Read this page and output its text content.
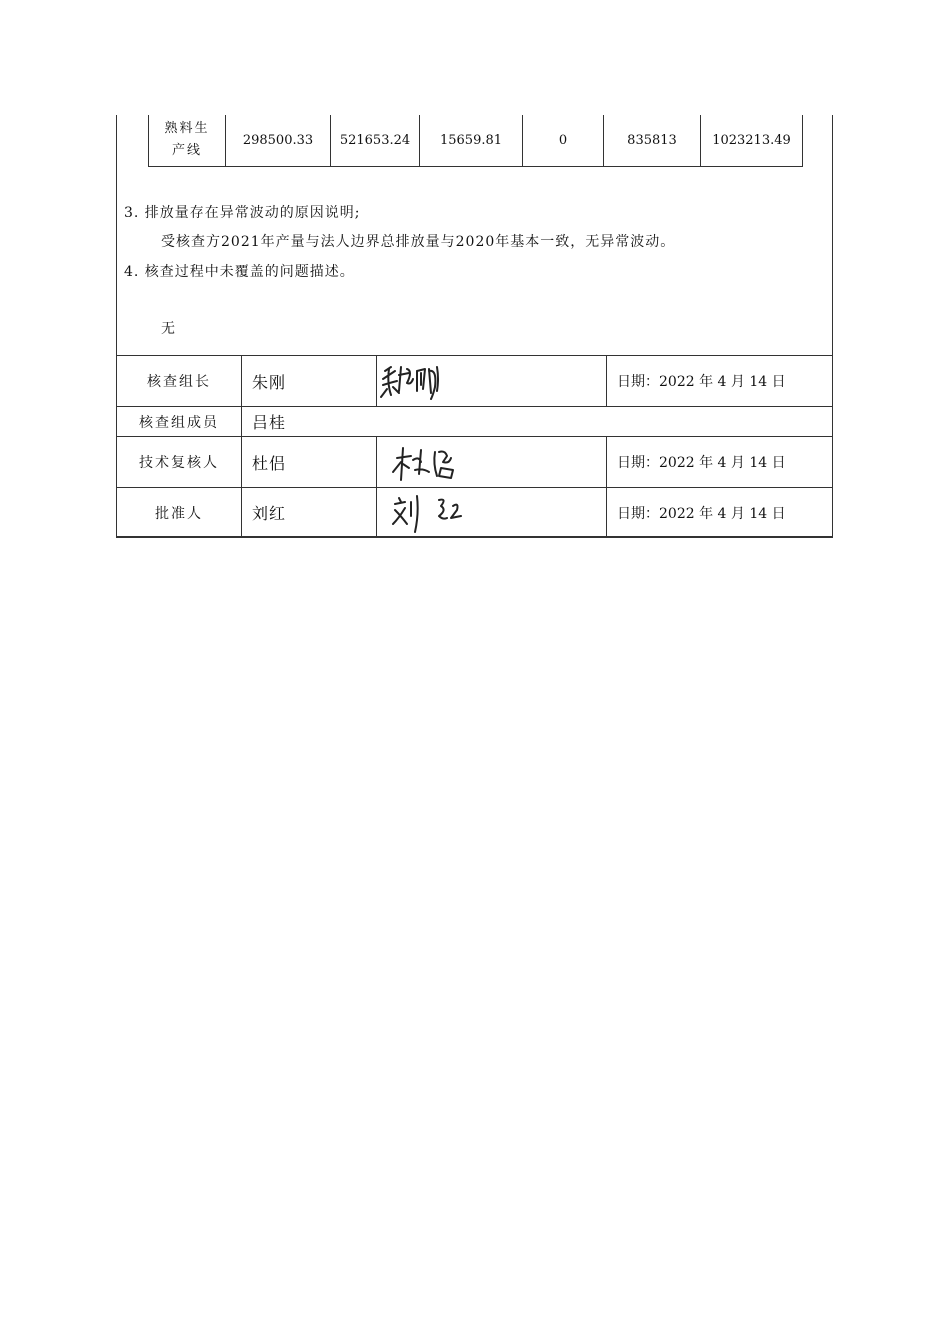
熟料生
产线
	298500.33	521653.24	15659.81	0	835813	1023213.49
3. 排放量存在异常波动的原因说明;
受核查方2021年产量与法人边界总排放量与2020年基本一致，无异常波动。
4. 核查过程中未覆盖的问题描述。
无
核查组长	朱刚		日期：2022 年 4 月 14 日
核查组成员	吕桂		
技术复核人	杜侣		日期：2022 年 4 月 14 日
批准人	刘红		日期：2022 年 4 月 14 日
